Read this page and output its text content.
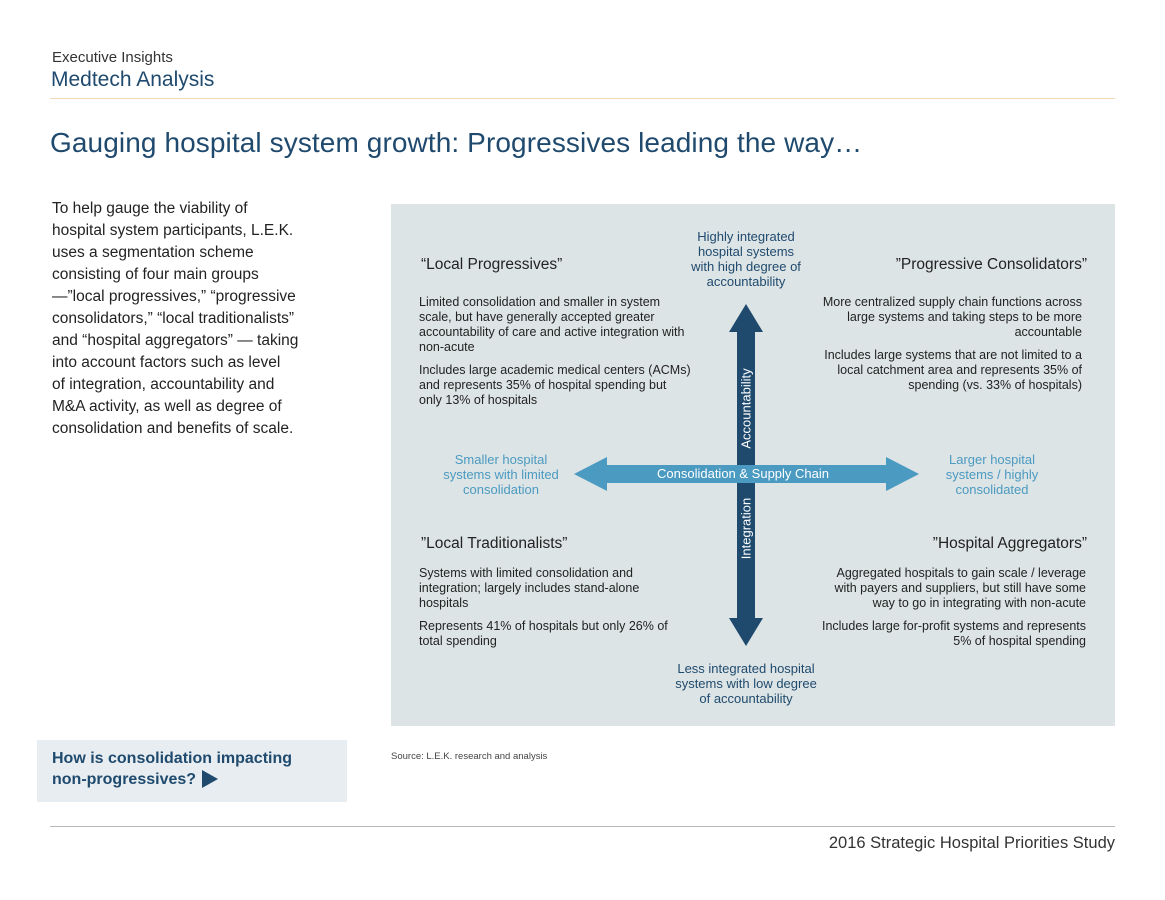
Executive Insights
Medtech Analysis
Gauging hospital system growth: Progressives leading the way…
To help gauge the viability of
hospital system participants, L.E.K.
uses a segmentation scheme
consisting of four main groups
—”local progressives,” “progressive
consolidators,” “local traditionalists”
and “hospital aggregators” — taking
into account factors such as level
of integration, accountability and
M&A activity, as well as degree of
consolidation and benefits of scale.
How is consolidation impacting
non-progressives?
Highly integrated
hospital systems
with high degree of
accountability
Less integrated hospital
systems with low degree
of accountability
Smaller hospital
systems with limited
consolidation
Larger hospital
systems / highly
consolidated
Consolidation & Supply Chain
Accountability
Integration
“Local Progressives”
Limited consolidation and smaller in system
scale, but have generally accepted greater
accountability of care and active integration with
non-acute
Includes large academic medical centers (ACMs)
and represents 35% of hospital spending but
only 13% of hospitals
”Progressive Consolidators”
More centralized supply chain functions across
large systems and taking steps to be more
accountable
Includes large systems that are not limited to a
local catchment area and represents 35% of
spending (vs. 33% of hospitals)
”Local Traditionalists”
Systems with limited consolidation and
integration; largely includes stand-alone
hospitals
Represents 41% of hospitals but only 26% of
total spending
”Hospital Aggregators”
Aggregated hospitals to gain scale / leverage
with payers and suppliers, but still have some
way to go in integrating with non-acute
Includes large for-profit systems and represents
5% of hospital spending
Source: L.E.K. research and analysis
2016 Strategic Hospital Priorities Study
